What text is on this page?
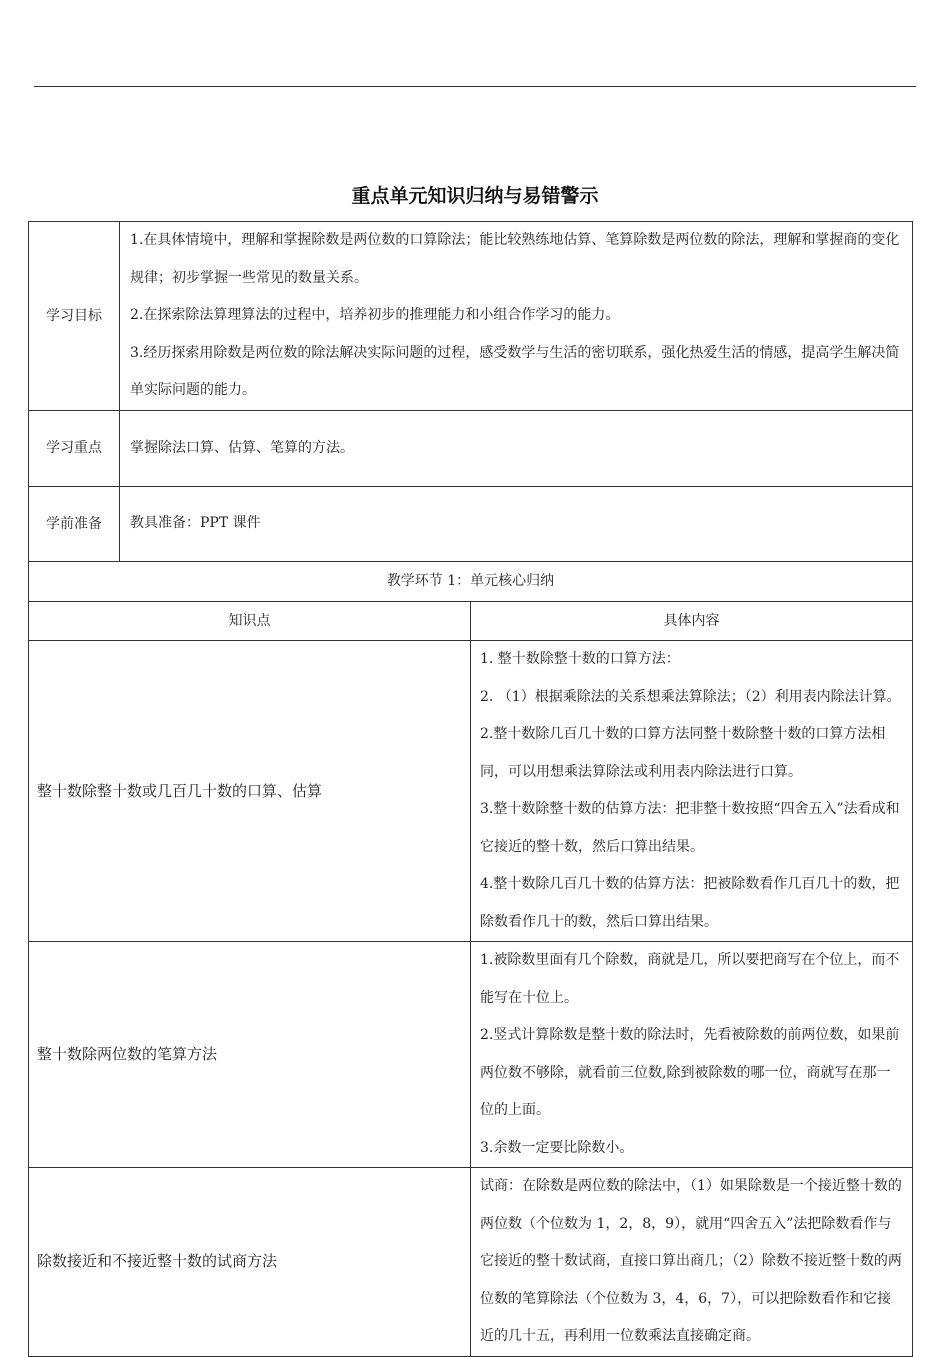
重点单元知识归纳与易错警示
学习目标	1.在具体情境中，理解和掌握除数是两位数的口算除法；能比较熟练地估算、笔算除数是两位数的除法，理解和掌握商的变化规律；初步掌握一些常见的数量关系。

2.在探索除法算理算法的过程中，培养初步的推理能力和小组合作学习的能力。

3.经历探索用除数是两位数的除法解决实际问题的过程，感受数学与生活的密切联系，强化热爱生活的情感，提高学生解决简单实际问题的能力。

学习重点	掌握除法口算、估算、笔算的方法。
学前准备	教具准备：PPT 课件
教学环节 1：单元核心归纳	
知识点	具体内容
整十数除整十数或几百几十数的口算、估算	1. 整十数除整十数的口算方法：

2. （1）根据乘除法的关系想乘法算除法；（2）利用表内除法计算。

2.整十数除几百几十数的口算方法同整十数除整十数的口算方法相同，可以用想乘法算除法或利用表内除法进行口算。

3.整十数除整十数的估算方法：把非整十数按照“四舍五入”法看成和它接近的整十数，然后口算出结果。

4.整十数除几百几十数的估算方法：把被除数看作几百几十的数，把除数看作几十的数，然后口算出结果。

整十数除两位数的笔算方法	1.被除数里面有几个除数，商就是几，所以要把商写在个位上，而不能写在十位上。

2.竖式计算除数是整十数的除法时，先看被除数的前两位数，如果前两位数不够除，就看前三位数,除到被除数的哪一位，商就写在那一位的上面。

3.余数一定要比除数小。

除数接近和不接近整十数的试商方法	试商：在除数是两位数的除法中，（1）如果除数是一个接近整十数的两位数（个位数为 1，2，8，9），就用“四舍五入”法把除数看作与它接近的整十数试商，直接口算出商几；（2）除数不接近整十数的两位数的笔算除法（个位数为 3，4，6，7），可以把除数看作和它接近的几十五，再利用一位数乘法直接确定商。
